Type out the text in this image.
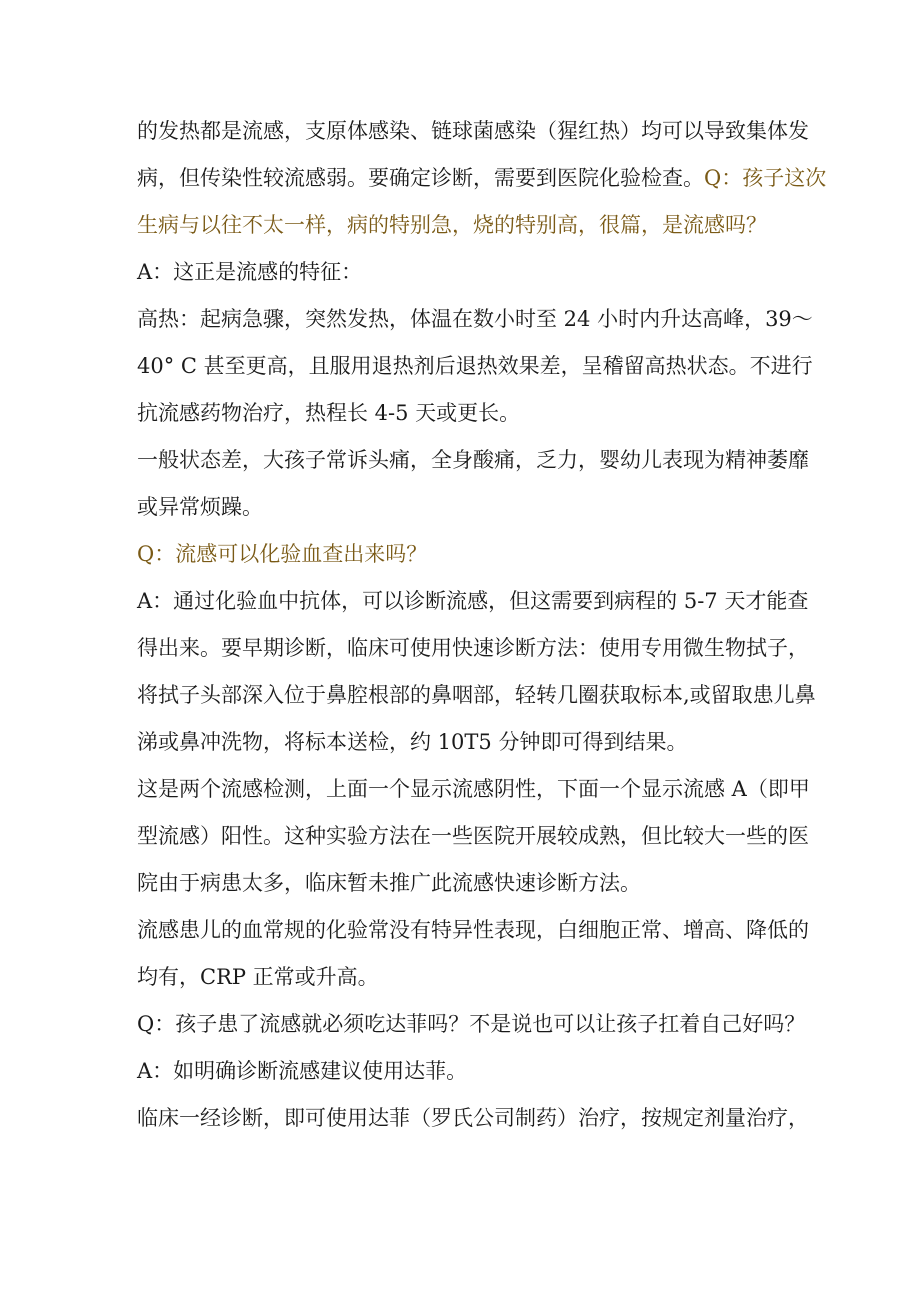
的发热都是流感，支原体感染、链球菌感染（猩红热）均可以导致集体发
病，但传染性较流感弱。要确定诊断，需要到医院化验检查。Q：孩子这次
生病与以往不太一样，病的特别急，烧的特别高，很篇，是流感吗？
A：这正是流感的特征：
高热：起病急骤，突然发热，体温在数小时至 24 小时内升达高峰，39～
40° C 甚至更高，且服用退热剂后退热效果差，呈稽留高热状态。不进行
抗流感药物治疗，热程长 4-5 天或更长。
一般状态差，大孩子常诉头痛，全身酸痛，乏力，婴幼儿表现为精神萎靡
或异常烦躁。
Q：流感可以化验血查出来吗？
A：通过化验血中抗体，可以诊断流感，但这需要到病程的 5-7 天才能查
得出来。要早期诊断，临床可使用快速诊断方法：使用专用微生物拭子，
将拭子头部深入位于鼻腔根部的鼻咽部，轻转几圈获取标本,或留取患儿鼻
涕或鼻冲洗物，将标本送检，约 10T5 分钟即可得到结果。
这是两个流感检测，上面一个显示流感阴性，下面一个显示流感 A（即甲
型流感）阳性。这种实验方法在一些医院开展较成熟，但比较大一些的医
院由于病患太多，临床暂未推广此流感快速诊断方法。
流感患儿的血常规的化验常没有特异性表现，白细胞正常、增高、降低的
均有，CRP 正常或升高。
Q：孩子患了流感就必须吃达菲吗？不是说也可以让孩子扛着自己好吗？
A：如明确诊断流感建议使用达菲。
临床一经诊断，即可使用达菲（罗氏公司制药）治疗，按规定剂量治疗，
